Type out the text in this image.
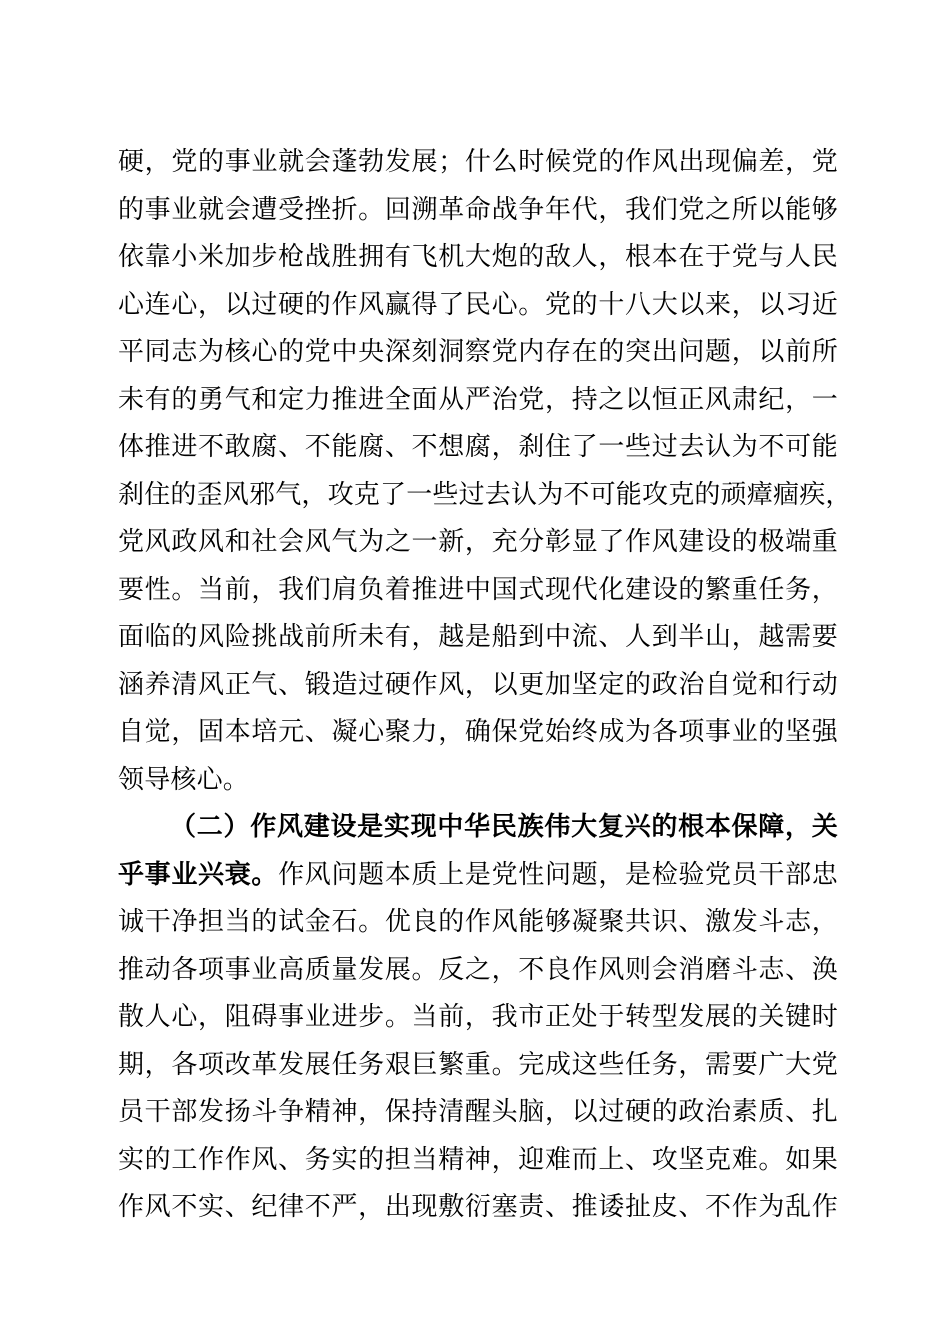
硬，党的事业就会蓬勃发展；什么时候党的作风出现偏差，党
的事业就会遭受挫折。回溯革命战争年代，我们党之所以能够
依靠小米加步枪战胜拥有飞机大炮的敌人，根本在于党与人民
心连心，以过硬的作风赢得了民心。党的十八大以来，以习近
平同志为核心的党中央深刻洞察党内存在的突出问题，以前所
未有的勇气和定力推进全面从严治党，持之以恒正风肃纪，一
体推进不敢腐、不能腐、不想腐，刹住了一些过去认为不可能
刹住的歪风邪气，攻克了一些过去认为不可能攻克的顽瘴痼疾，
党风政风和社会风气为之一新，充分彰显了作风建设的极端重
要性。当前，我们肩负着推进中国式现代化建设的繁重任务，
面临的风险挑战前所未有，越是船到中流、人到半山，越需要
涵养清风正气、锻造过硬作风，以更加坚定的政治自觉和行动
自觉，固本培元、凝心聚力，确保党始终成为各项事业的坚强
领导核心。
（二）作风建设是实现中华民族伟大复兴的根本保障，关
乎事业兴衰。作风问题本质上是党性问题，是检验党员干部忠
诚干净担当的试金石。优良的作风能够凝聚共识、激发斗志，
推动各项事业高质量发展。反之，不良作风则会消磨斗志、涣
散人心，阻碍事业进步。当前，我市正处于转型发展的关键时
期，各项改革发展任务艰巨繁重。完成这些任务，需要广大党
员干部发扬斗争精神，保持清醒头脑，以过硬的政治素质、扎
实的工作作风、务实的担当精神，迎难而上、攻坚克难。如果
作风不实、纪律不严，出现敷衍塞责、推诿扯皮、不作为乱作
